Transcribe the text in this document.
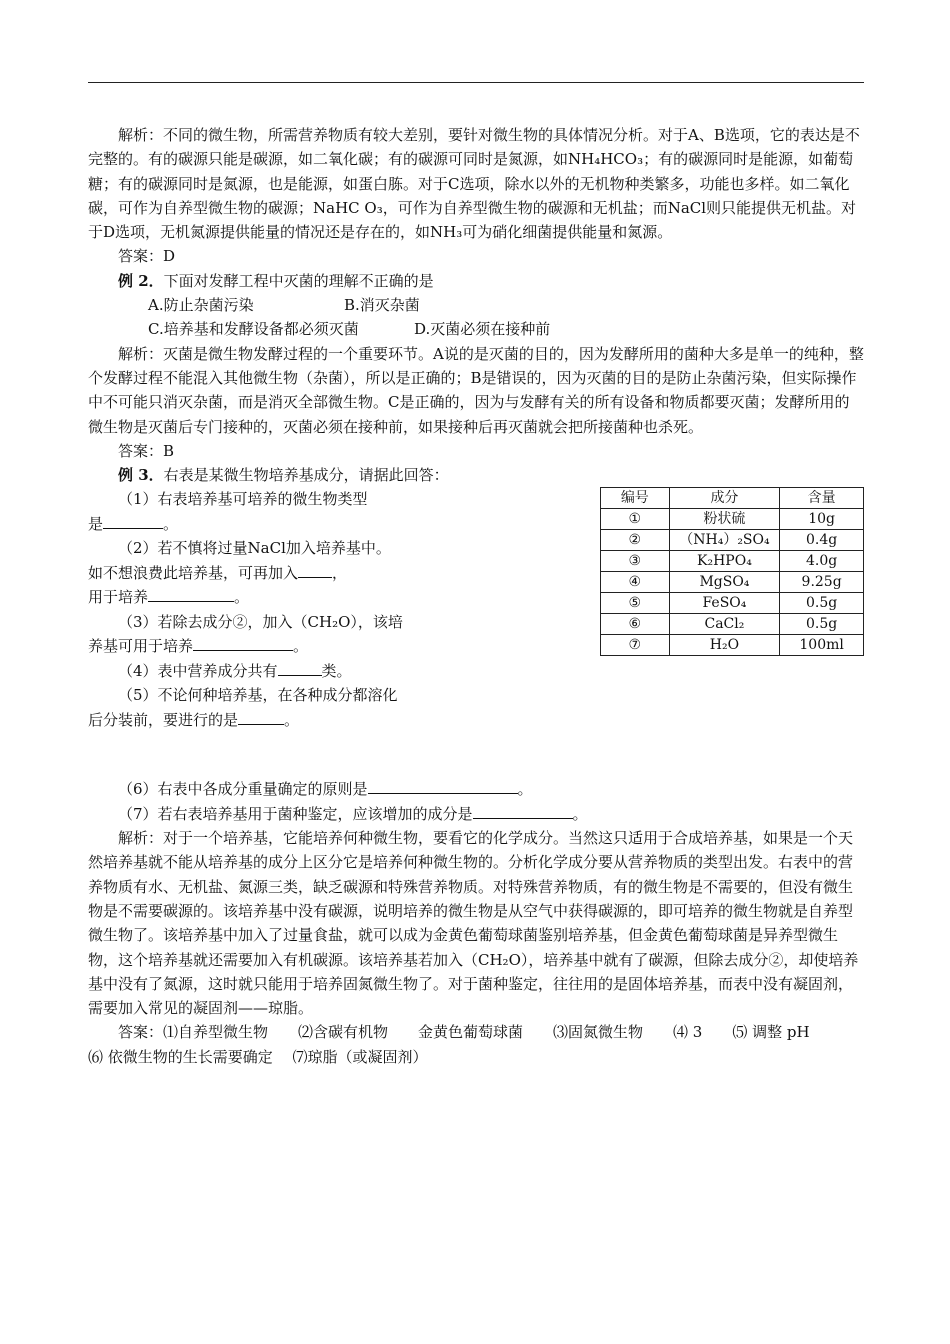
解析：不同的微生物，所需营养物质有较大差别，要针对微生物的具体情况分析。对于A、B选项，它的表达是不完整的。有的碳源只能是碳源，如二氧化碳；有的碳源可同时是氮源，如NH₄HCO₃；有的碳源同时是能源，如葡萄糖；有的碳源同时是氮源，也是能源，如蛋白胨。对于C选项，除水以外的无机物种类繁多，功能也多样。如二氧化碳，可作为自养型微生物的碳源；NaHC O₃，可作为自养型微生物的碳源和无机盐；而NaCl则只能提供无机盐。对于D选项，无机氮源提供能量的情况还是存在的，如NH₃可为硝化细菌提供能量和氮源。

答案：D

例 2．下面对发酵工程中灭菌的理解不正确的是

A.防止杂菌污染	B.消灭杂菌

C.培养基和发酵设备都必须灭菌	D.灭菌必须在接种前

解析：灭菌是微生物发酵过程的一个重要环节。A说的是灭菌的目的，因为发酵所用的菌种大多是单一的纯种，整个发酵过程不能混入其他微生物（杂菌），所以是正确的；B是错误的，因为灭菌的目的是防止杂菌污染，但实际操作中不可能只消灭杂菌，而是消灭全部微生物。C是正确的，因为与发酵有关的所有设备和物质都要灭菌；发酵所用的微生物是灭菌后专门接种的，灭菌必须在接种前，如果接种后再灭菌就会把所接菌种也杀死。

答案：B

例 3．右表是某微生物培养基成分，请据此回答：

（1）右表培养基可培养的微生物类型

是	。

（2）若不慎将过量NaCl加入培养基中。

如不想浪费此培养基，可再加入 ，

用于培养	。

（3）若除去成分②，加入（CH₂O），该培

养基可用于培养	。

（4）表中营养成分共有	类。

（5）不论何种培养基，在各种成分都溶化

后分装前，要进行的是	。

编号	成分	含量
①	粉状硫	10g
②	（NH₄）₂SO₄	0.4g
③	K₂HPO₄	4.0g
④	MgSO₄	9.25g
⑤	FeSO₄	0.5g
⑥	CaCl₂	0.5g
⑦	H₂O	100ml

（6）右表中各成分重量确定的原则是	。

（7）若右表培养基用于菌种鉴定，应该增加的成分是	。

解析：对于一个培养基，它能培养何种微生物，要看它的化学成分。当然这只适用于合成培养基，如果是一个天然培养基就不能从培养基的成分上区分它是培养何种微生物的。分析化学成分要从营养物质的类型出发。右表中的营养物质有水、无机盐、氮源三类，缺乏碳源和特殊营养物质。对特殊营养物质，有的微生物是不需要的，但没有微生物是不需要碳源的。该培养基中没有碳源，说明培养的微生物是从空气中获得碳源的，即可培养的微生物就是自养型微生物了。该培养基中加入了过量食盐，就可以成为金黄色葡萄球菌鉴别培养基，但金黄色葡萄球菌是异养型微生物，这个培养基就还需要加入有机碳源。该培养基若加入（CH₂O），培养基中就有了碳源，但除去成分②，却使培养基中没有了氮源，这时就只能用于培养固氮微生物了。对于菌种鉴定，往往用的是固体培养基，而表中没有凝固剂，需要加入常见的凝固剂——琼脂。

答案：⑴自养型微生物　　⑵含碳有机物　　金黄色葡萄球菌　　⑶固氮微生物　　⑷ 3　　⑸ 调整 pH

⑹ 依微生物的生长需要确定　 ⑺琼脂（或凝固剂）
